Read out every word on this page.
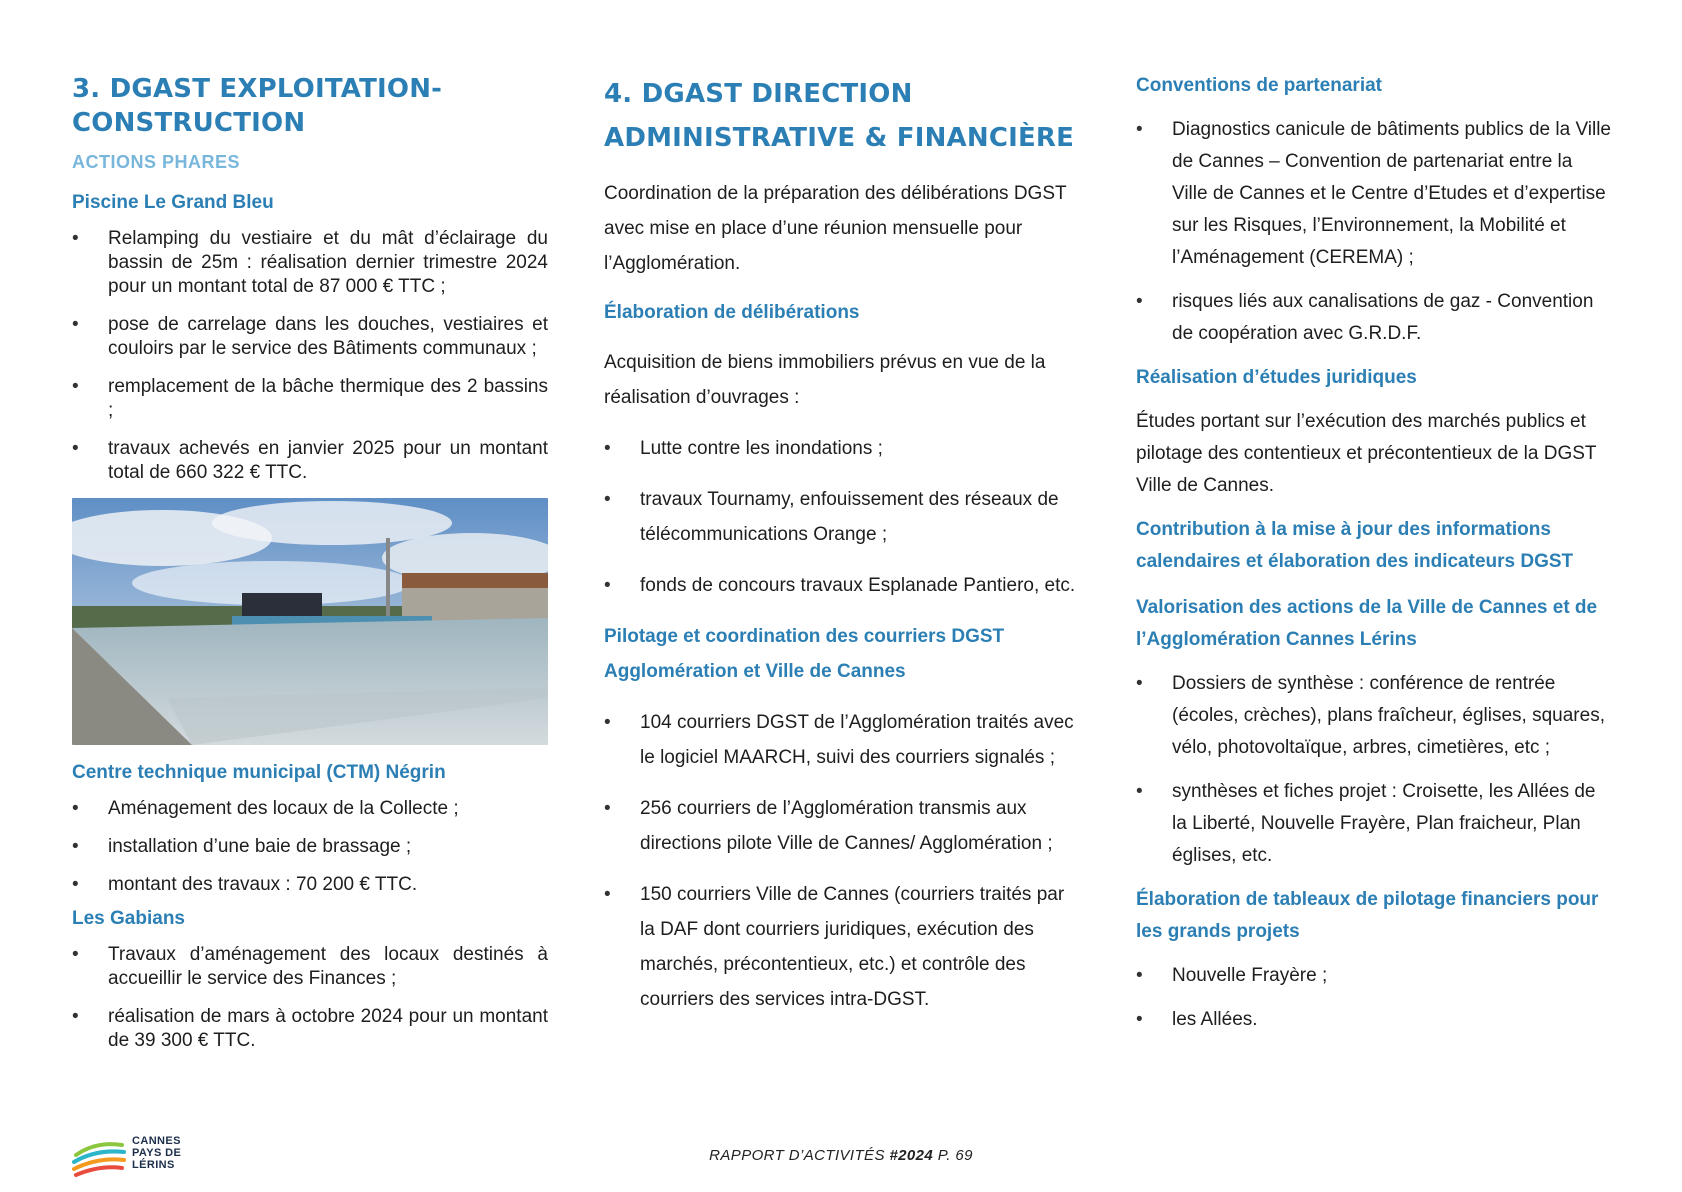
3. DGAST EXPLOITATION-CONSTRUCTION
ACTIONS PHARES
Piscine Le Grand Bleu
• Relamping du vestiaire et du mât d’éclairage du bassin de 25m : réalisation dernier trimestre 2024 pour un montant total de 87 000 € TTC ;
• pose de carrelage dans les douches, vestiaires et couloirs par le service des Bâtiments communaux ;
• remplacement de la bâche thermique des 2 bassins ;
• travaux achevés en janvier 2025 pour un montant total de 660 322 € TTC.
Centre technique municipal (CTM) Négrin
• Aménagement des locaux de la Collecte ;
• installation d’une baie de brassage ;
• montant des travaux : 70 200 € TTC.
Les Gabians
• Travaux d’aménagement des locaux destinés à accueillir le service des Finances ;
• réalisation de mars à octobre 2024 pour un montant de 39 300 € TTC.
4. DGAST DIRECTION ADMINISTRATIVE & FINANCIÈRE

Coordination de la préparation des délibérations DGST avec mise en place d’une réunion mensuelle pour l’Agglomération.

Élaboration de délibérations

Acquisition de biens immobiliers prévus en vue de la réalisation d’ouvrages :

• Lutte contre les inondations ;
• travaux Tournamy, enfouissement des réseaux de télécommunications Orange ;
• fonds de concours travaux Esplanade Pantiero, etc.
Pilotage et coordination des courriers DGST Agglomération et Ville de Cannes
• 104 courriers DGST de l’Agglomération traités avec le logiciel MAARCH, suivi des courriers signalés ;
• 256 courriers de l’Agglomération transmis aux directions pilote Ville de Cannes/ Agglomération ;
• 150 courriers Ville de Cannes (courriers traités par la DAF dont courriers juridiques, exécution des marchés, précontentieux, etc.) et contrôle des courriers des services intra-DGST.
Conventions de partenariat
• Diagnostics canicule de bâtiments publics de la Ville de Cannes – Convention de partenariat entre la Ville de Cannes et le Centre d’Etudes et d’expertise sur les Risques, l’Environnement, la Mobilité et l’Aménagement (CEREMA) ;
• risques liés aux canalisations de gaz - Convention de coopération avec G.R.D.F.
Réalisation d’études juridiques

Études portant sur l’exécution des marchés publics et pilotage des contentieux et précontentieux de la DGST Ville de Cannes.

Contribution à la mise à jour des informations calendaires et élaboration des indicateurs DGST
Valorisation des actions de la Ville de Cannes et de l’Agglomération Cannes Lérins
• Dossiers de synthèse : conférence de rentrée (écoles, crèches), plans fraîcheur, églises, squares, vélo, photovoltaïque, arbres, cimetières, etc ;
• synthèses et fiches projet : Croisette, les Allées de la Liberté, Nouvelle Frayère, Plan fraicheur, Plan églises, etc.
Élaboration de tableaux de pilotage financiers pour les grands projets
• Nouvelle Frayère ;
• les Allées.
CANNES
PAYS DE
LÉRINS
RAPPORT D’ACTIVITÉS #2024 P. 69
